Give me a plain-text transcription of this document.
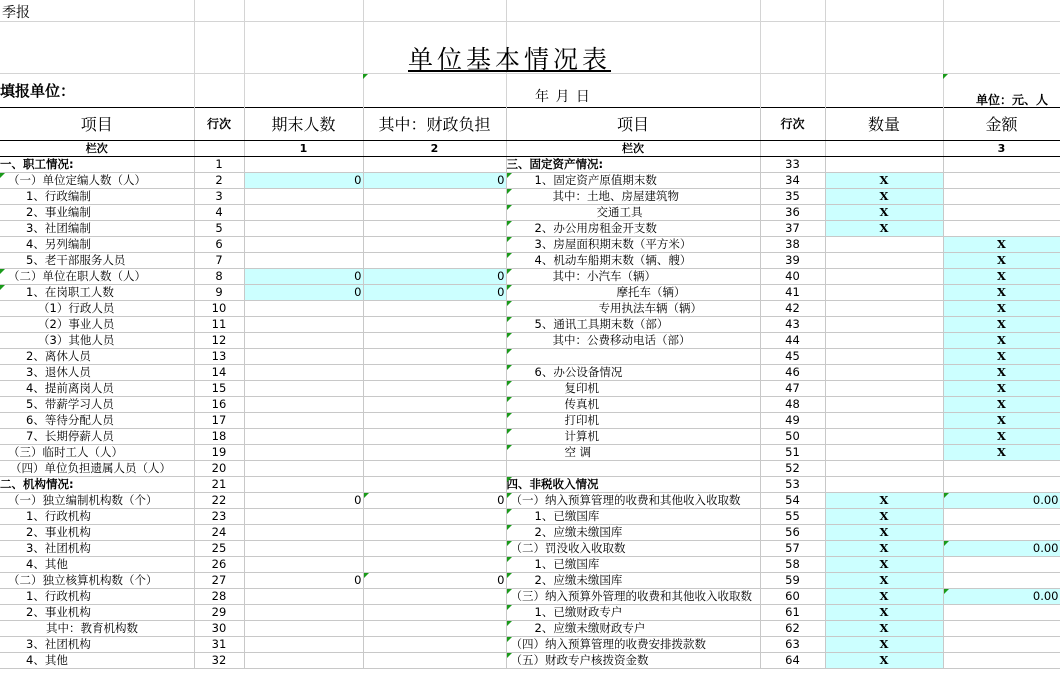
季报
单位基本情况表
填报单位：	年 月 日	单位：元、人
项目	行次	期末人数	其中：财政负担	项目	行次	数量	金额
栏次		1	2	栏次			3
一、职工情况:	1			三、固定资产情况:	33		
（一）单位定编人数（人）	2	0	0	1、固定资产原值期末数	34	X	
1、行政编制	3			其中：土地、房屋建筑物	35	X	
2、事业编制	4			交通工具	36	X	
3、社团编制	5			2、办公用房租金开支数	37	X	
4、另列编制	6			3、房屋面积期末数（平方米）	38		X
5、老干部服务人员	7			4、机动车船期末数（辆、艘）	39		X
（二）单位在职人数（人）	8	0	0	其中：小汽车（辆）	40		X
1、在岗职工人数	9	0	0	摩托车（辆）	41		X
（1）行政人员	10			专用执法车辆（辆）	42		X
（2）事业人员	11			5、通讯工具期末数（部）	43		X
（3）其他人员	12			其中：公费移动电话（部）	44		X
2、离休人员	13				45		X
3、退休人员	14			6、办公设备情况	46		X
4、提前离岗人员	15			复印机	47		X
5、带薪学习人员	16			传真机	48		X
6、等待分配人员	17			打印机	49		X
7、长期停薪人员	18			计算机	50		X
（三）临时工人（人）	19			空 调	51		X
（四）单位负担遗属人员（人）	20				52		
二、机构情况:	21			四、非税收入情况	53		
（一）独立编制机构数（个）	22	0	0	（一）纳入预算管理的收费和其他收入收取数	54	X	0.00
1、行政机构	23			1、已缴国库	55	X	
2、事业机构	24			2、应缴未缴国库	56	X	
3、社团机构	25			（二）罚没收入收取数	57	X	0.00
4、其他	26			1、已缴国库	58	X	
（二）独立核算机构数（个）	27	0	0	2、应缴未缴国库	59	X	
1、行政机构	28			（三）纳入预算外管理的收费和其他收入收取数	60	X	0.00
2、事业机构	29			1、已缴财政专户	61	X	
其中：教育机构数	30			2、应缴未缴财政专户	62	X	
3、社团机构	31			（四）纳入预算管理的收费安排拨款数	63	X	
4、其他	32			（五）财政专户核拨资金数	64	X	
